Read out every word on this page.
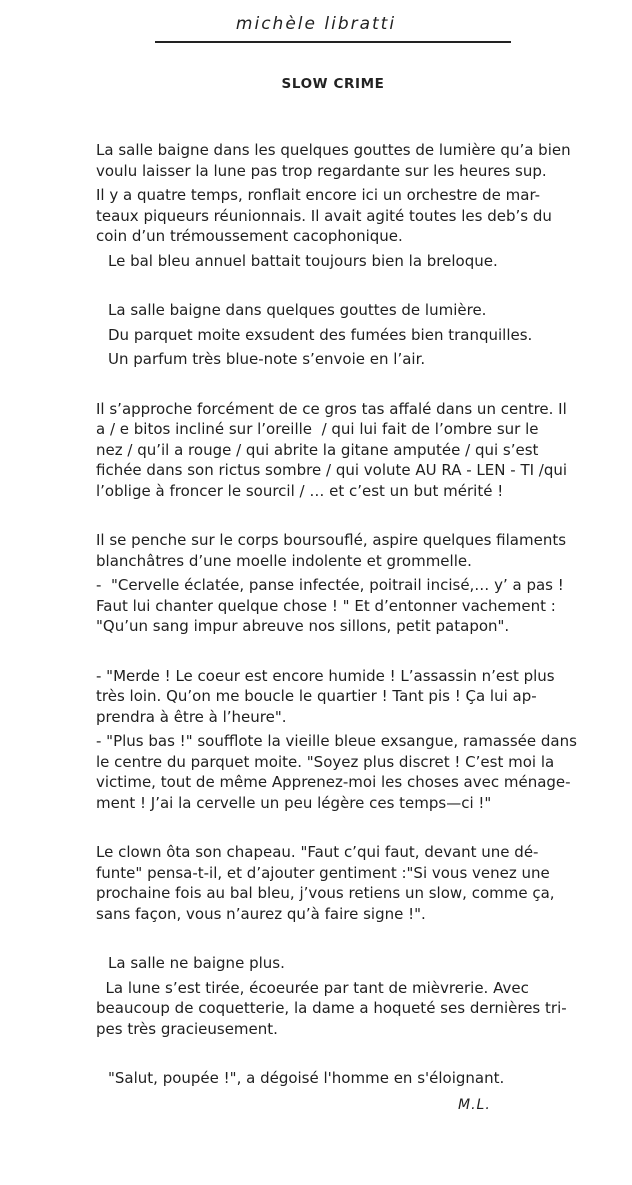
michèle libratti
SLOW CRIME
La salle baigne dans les quelques gouttes de lumière qu’a bien
voulu laisser la lune pas trop regardante sur les heures sup.
Il y a quatre temps, ronflait encore ici un orchestre de mar-
teaux piqueurs réunionnais. Il avait agité toutes les deb’s du
coin d’un trémoussement cacophonique.
Le bal bleu annuel battait toujours bien la breloque.
La salle baigne dans quelques gouttes de lumière.
Du parquet moite exsudent des fumées bien tranquilles.
Un parfum très blue-note s’envoie en l’air.
Il s’approche forcément de ce gros tas affalé dans un centre. Il
a / e bitos incliné sur l’oreille  / qui lui fait de l’ombre sur le
nez / qu’il a rouge / qui abrite la gitane amputée / qui s’est
fichée dans son rictus sombre / qui volute AU RA - LEN - TI /qui
l’oblige à froncer le sourcil / … et c’est un but mérité !
Il se penche sur le corps boursouflé, aspire quelques filaments
blanchâtres d’une moelle indolente et grommelle.
-  "Cervelle éclatée, panse infectée, poitrail incisé,… y’ a pas !
Faut lui chanter quelque chose ! " Et d’entonner vachement :
"Qu’un sang impur abreuve nos sillons, petit patapon".
- "Merde ! Le coeur est encore humide ! L’assassin n’est plus
très loin. Qu’on me boucle le quartier ! Tant pis ! Ça lui ap-
prendra à être à l’heure".
- "Plus bas !" soufflote la vieille bleue exsangue, ramassée dans
le centre du parquet moite. "Soyez plus discret ! C’est moi la
victime, tout de même Apprenez-moi les choses avec ménage-
ment ! J’ai la cervelle un peu légère ces temps—ci !"
Le clown ôta son chapeau. "Faut c’qui faut, devant une dé-
funte" pensa-t-il, et d’ajouter gentiment :"Si vous venez une
prochaine fois au bal bleu, j’vous retiens un slow, comme ça,
sans façon, vous n’aurez qu’à faire signe !".
La salle ne baigne plus.
La lune s’est tirée, écoeurée par tant de mièvrerie. Avec
beaucoup de coquetterie, la dame a hoqueté ses dernières tri-
pes très gracieusement.
"Salut, poupée !", a dégoisé l'homme en s'éloignant.
M.L.
